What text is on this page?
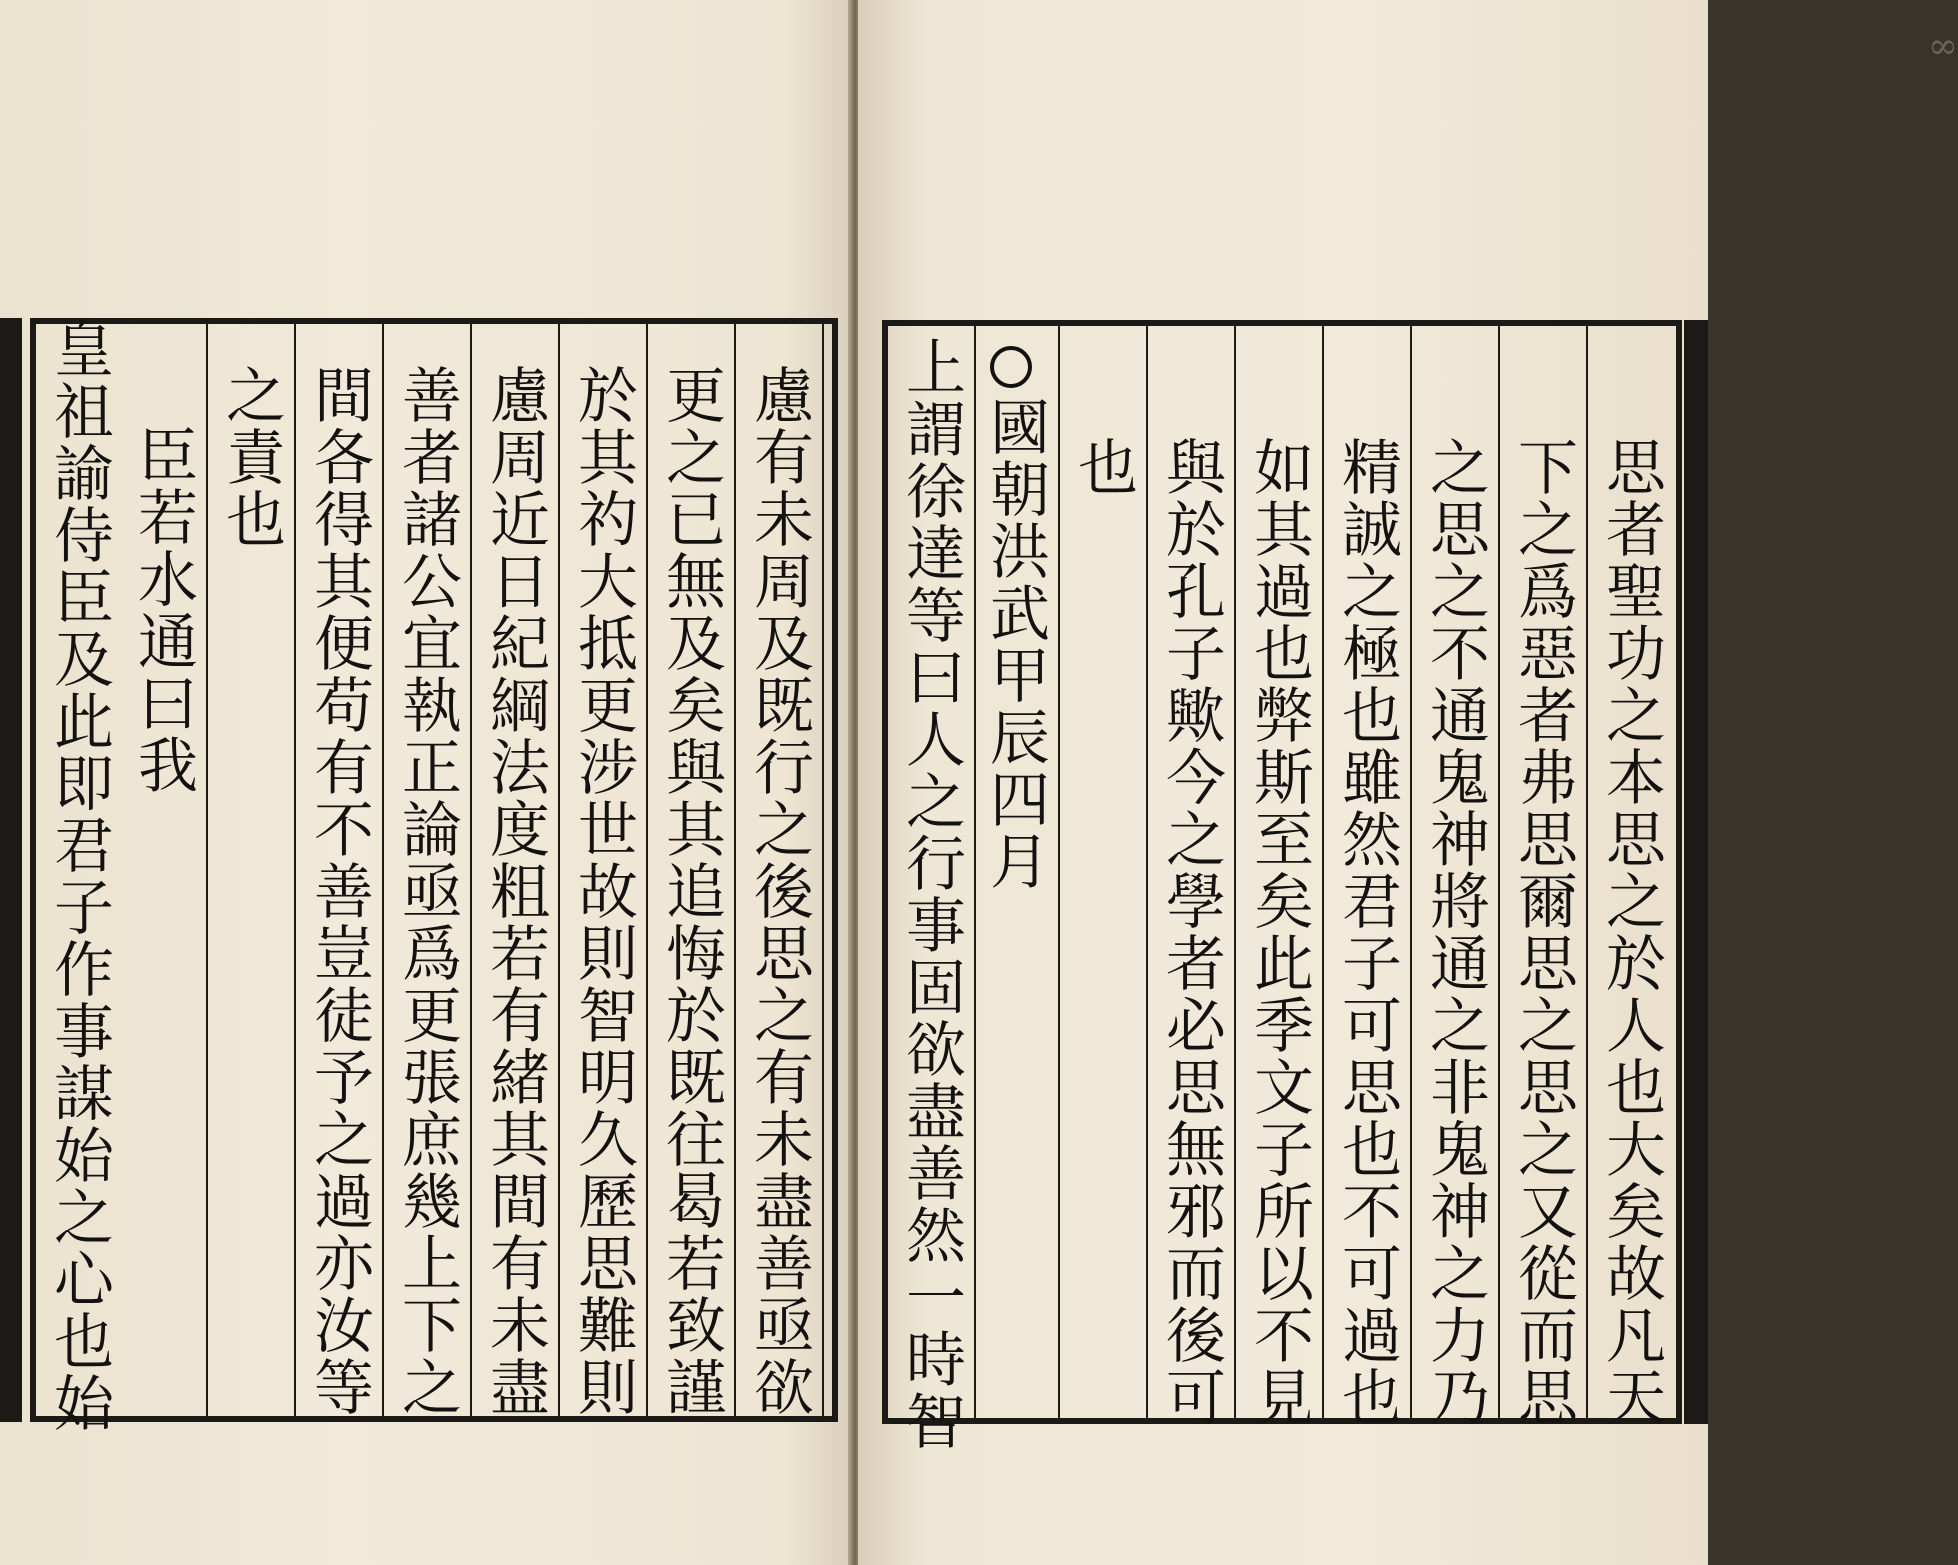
慮有未周及既行之後思之有未盡善亟欲
更之已無及矣與其追悔於既往曷若致謹
於其礿大抵更涉世故則智明久歷思難則
慮周近日紀綱法度粗若有緒其間有未盡
善者諸公宜執正論亟爲更張庶幾上下之
間各得其便苟有不善豈徒予之過亦汝等
之責也
臣若水通曰我
皇祖諭侍臣及此即君子作事謀始之心也始
∞
思者聖功之本思之於人也大矣故凡天
下之爲惡者弗思爾思之思之又從而思
之思之不通鬼神將通之非鬼神之力乃
精誠之極也雖然君子可思也不可過也
如其過也弊斯至矣此季文子所以不見
與於孔子歟今之學者必思無邪而後可
也
國朝洪武甲辰四月
上謂徐達等曰人之行事固欲盡善然一時智
